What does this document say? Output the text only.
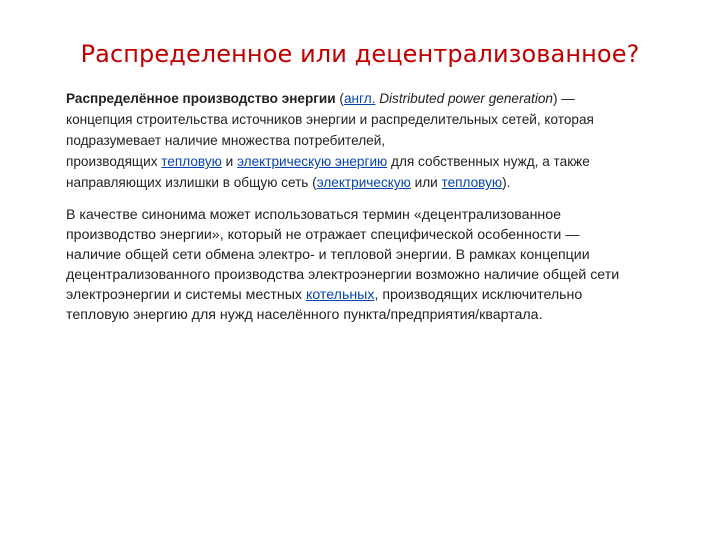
Распределенное или децентрализованное?

Распределённое производство энергии (англ. Distributed power generation) — концепция строительства источников энергии и распределительных сетей, которая подразумевает наличие множества потребителей,
производящих тепловую и электрическую энергию для собственных нужд, а также направляющих излишки в общую сеть (электрическую или тепловую).

В качестве синонима может использоваться термин «децентрализованное производство энергии», который не отражает специфической особенности — наличие общей сети обмена электро- и тепловой энергии. В рамках концепции децентрализованного производства электроэнергии возможно наличие общей сети электроэнергии и системы местных котельных, производящих исключительно тепловую энергию для нужд населённого пункта/предприятия/квартала.
